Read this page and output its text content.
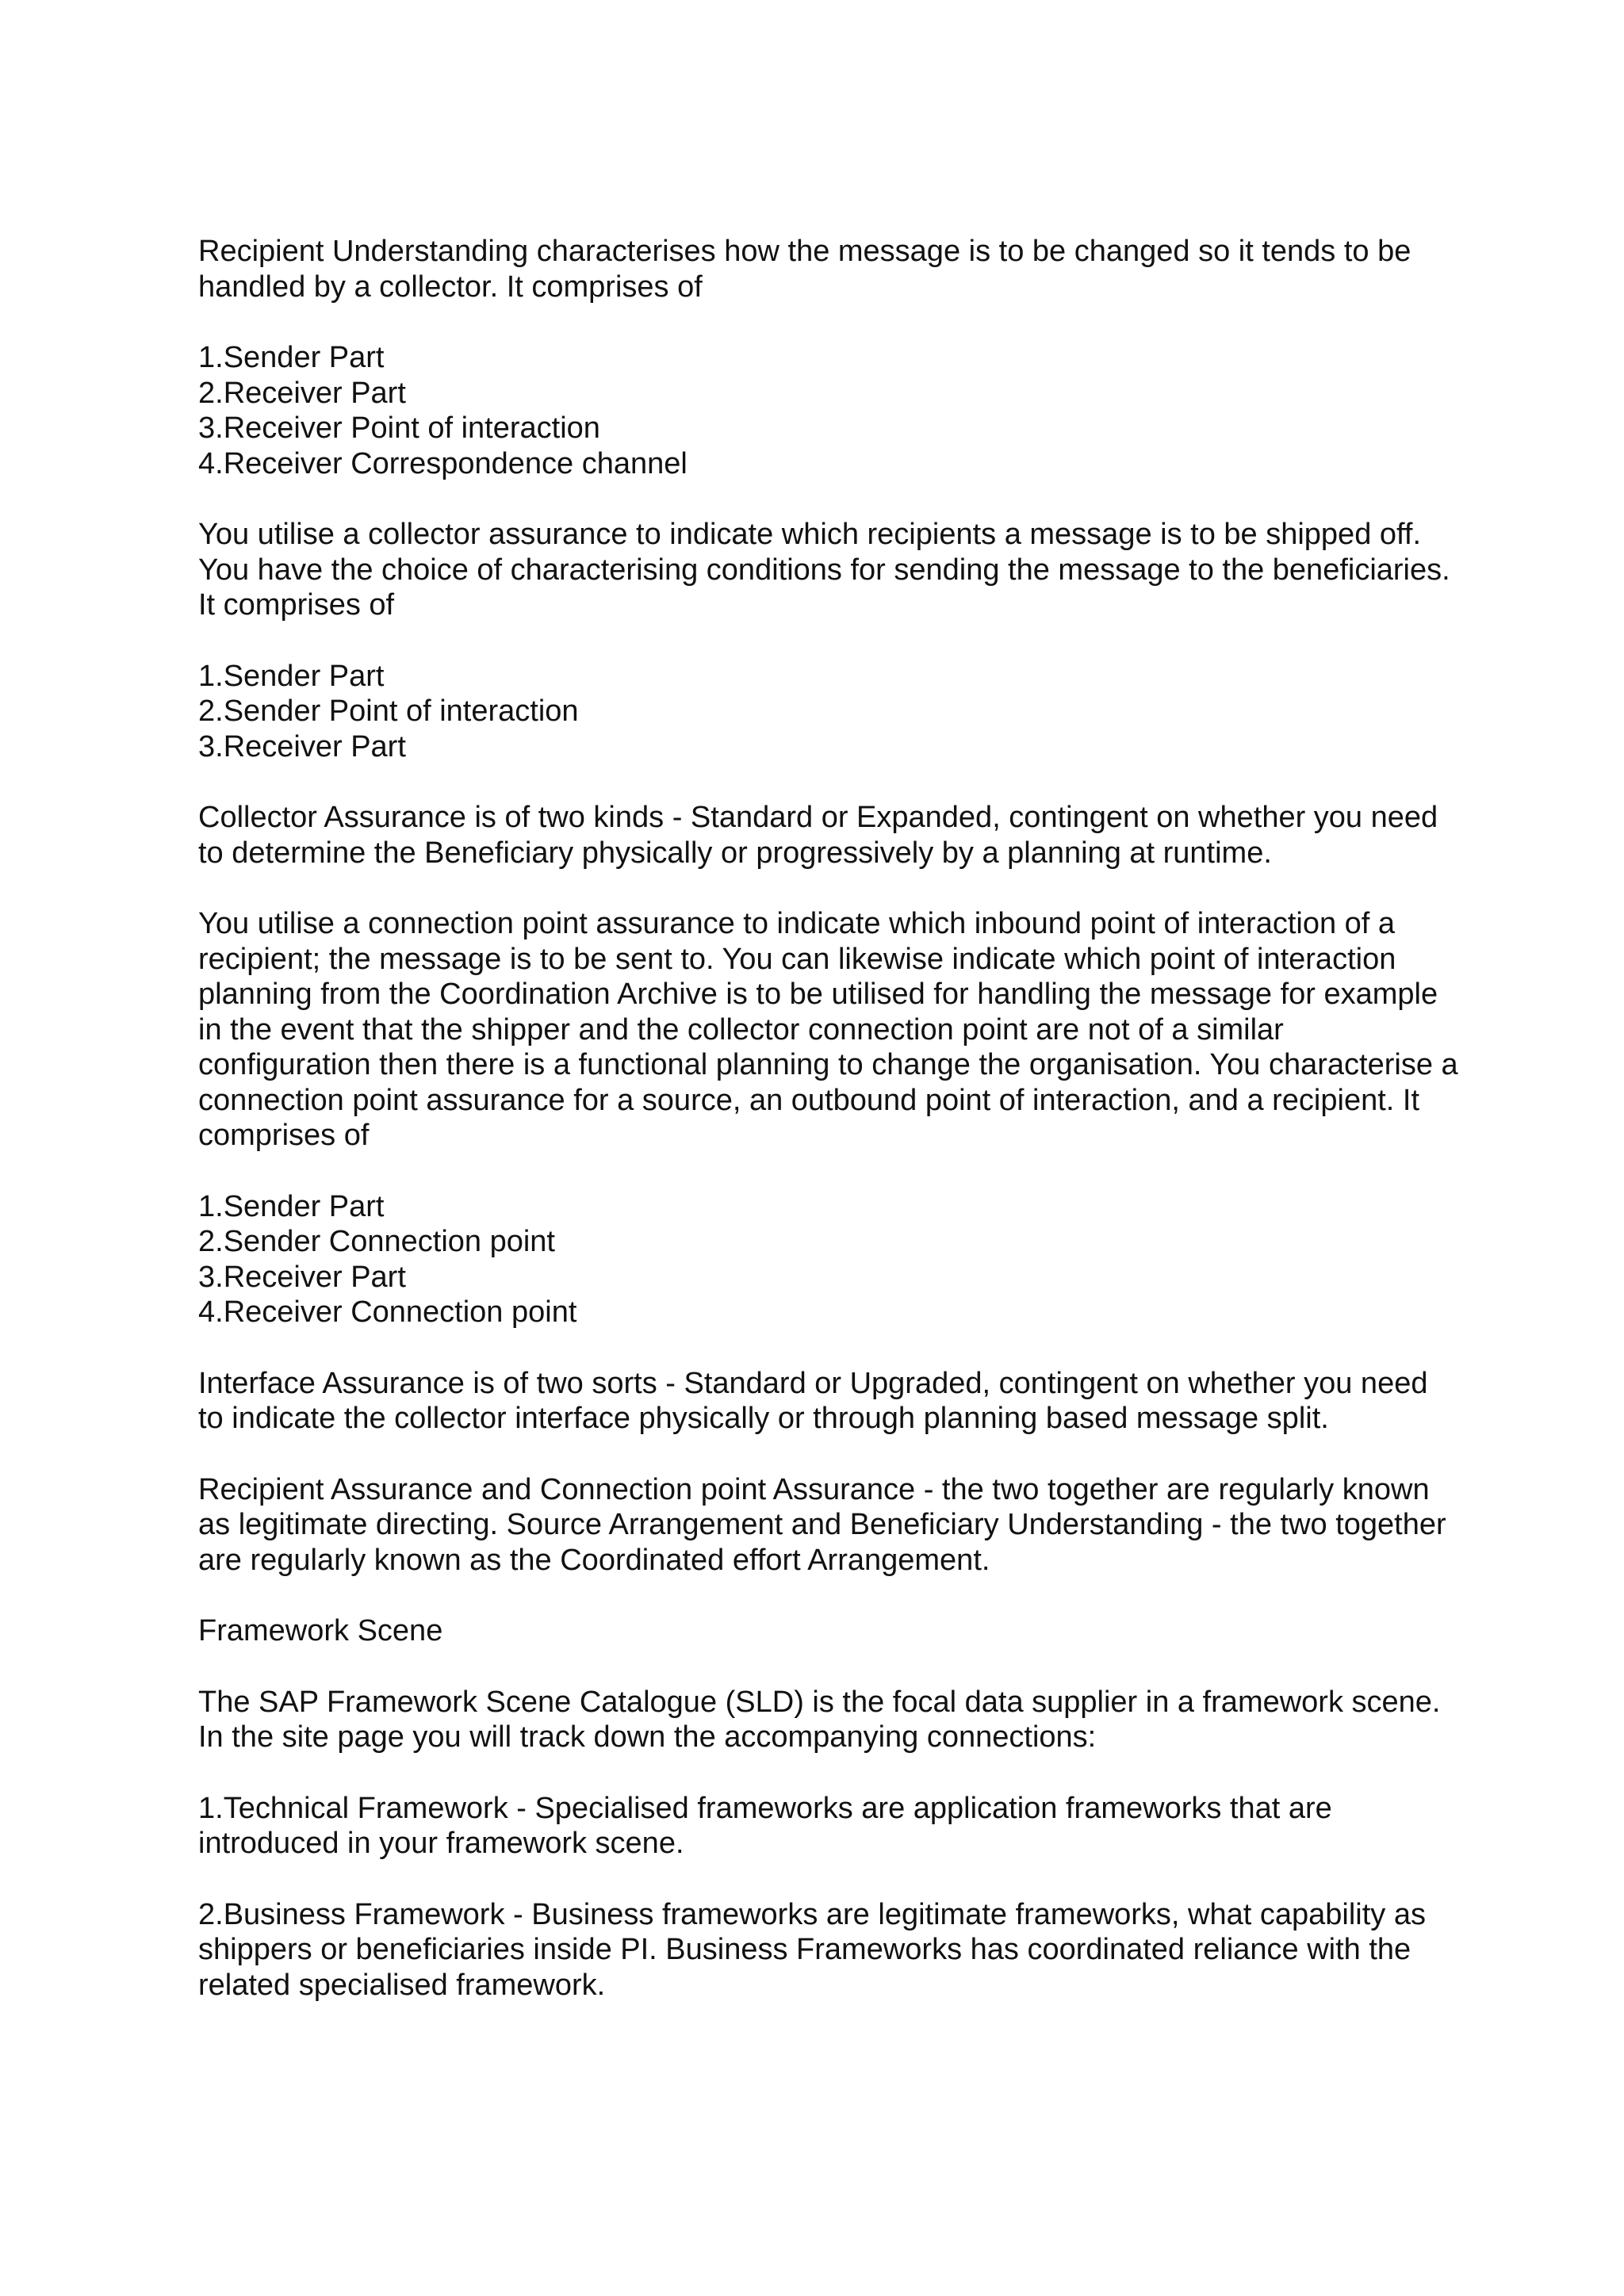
Recipient Understanding characterises how the message is to be changed so it tends to be handled by a collector. It comprises of

1.Sender Part
2.Receiver Part
3.Receiver Point of interaction
4.Receiver Correspondence channel

You utilise a collector assurance to indicate which recipients a message is to be shipped off. You have the choice of characterising conditions for sending the message to the beneficiaries. It comprises of

1.Sender Part
2.Sender Point of interaction
3.Receiver Part

Collector Assurance is of two kinds - Standard or Expanded, contingent on whether you need to determine the Beneficiary physically or progressively by a planning at runtime.

You utilise a connection point assurance to indicate which inbound point of interaction of a recipient; the message is to be sent to. You can likewise indicate which point of interaction planning from the Coordination Archive is to be utilised for handling the message for example in the event that the shipper and the collector connection point are not of a similar configuration then there is a functional planning to change the organisation. You characterise a connection point assurance for a source, an outbound point of interaction, and a recipient. It comprises of

1.Sender Part
2.Sender Connection point
3.Receiver Part
4.Receiver Connection point

Interface Assurance is of two sorts - Standard or Upgraded, contingent on whether you need to indicate the collector interface physically or through planning based message split.

Recipient Assurance and Connection point Assurance - the two together are regularly known as legitimate directing. Source Arrangement and Beneficiary Understanding - the two together are regularly known as the Coordinated effort Arrangement.

Framework Scene

The SAP Framework Scene Catalogue (SLD) is the focal data supplier in a framework scene. In the site page you will track down the accompanying connections:

1.Technical Framework - Specialised frameworks are application frameworks that are introduced in your framework scene.

2.Business Framework - Business frameworks are legitimate frameworks, what capability as shippers or beneficiaries inside PI. Business Frameworks has coordinated reliance with the related specialised framework.
